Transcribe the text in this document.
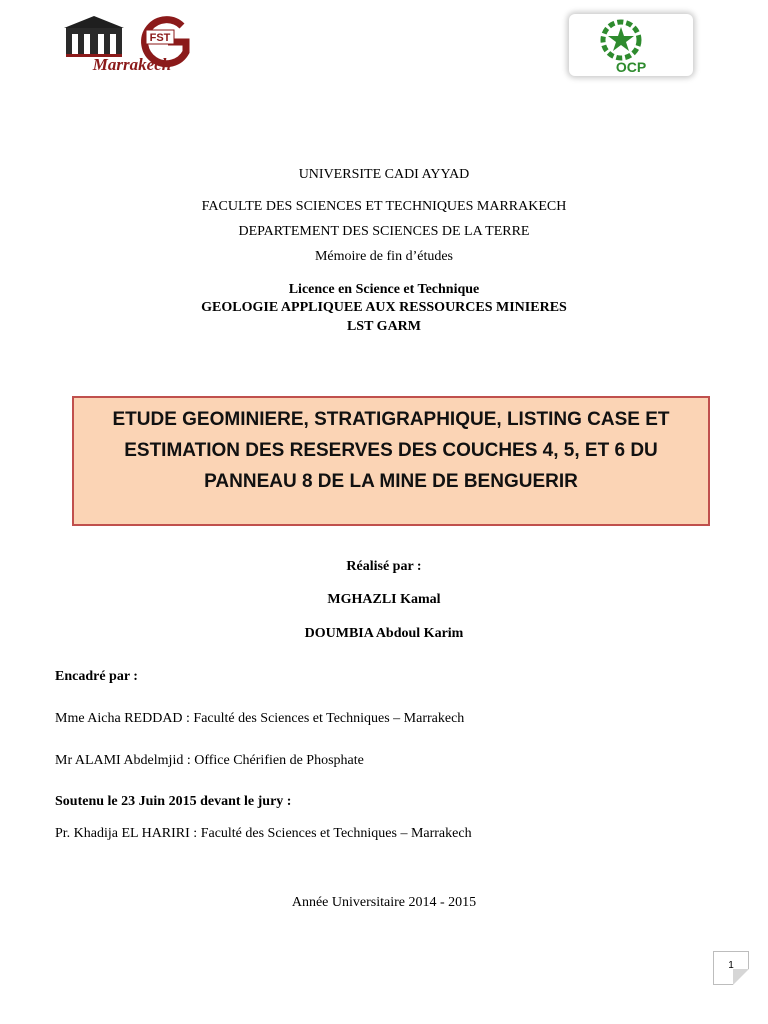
FST
Marrakech	OCP
UNIVERSITE CADI AYYAD
FACULTE DES SCIENCES ET TECHNIQUES MARRAKECH
DEPARTEMENT DES SCIENCES DE LA TERRE
Mémoire de fin d’études
Licence en Science et Technique
GEOLOGIE APPLIQUEE AUX RESSOURCES MINIERES
LST GARM
ETUDE GEOMINIERE, STRATIGRAPHIQUE, LISTING CASE ET
ESTIMATION DES RESERVES DES COUCHES 4, 5, ET 6 DU
PANNEAU 8 DE LA MINE DE BENGUERIR
Réalisé par :
MGHAZLI Kamal
DOUMBIA Abdoul Karim
Encadré par :
Mme Aicha REDDAD : Faculté des Sciences et Techniques – Marrakech
Mr ALAMI Abdelmjid : Office Chérifien de Phosphate
Soutenu le 23 Juin 2015 devant le jury :
Pr. Khadija EL HARIRI : Faculté des Sciences et Techniques – Marrakech
Année Universitaire 2014 - 2015
1
